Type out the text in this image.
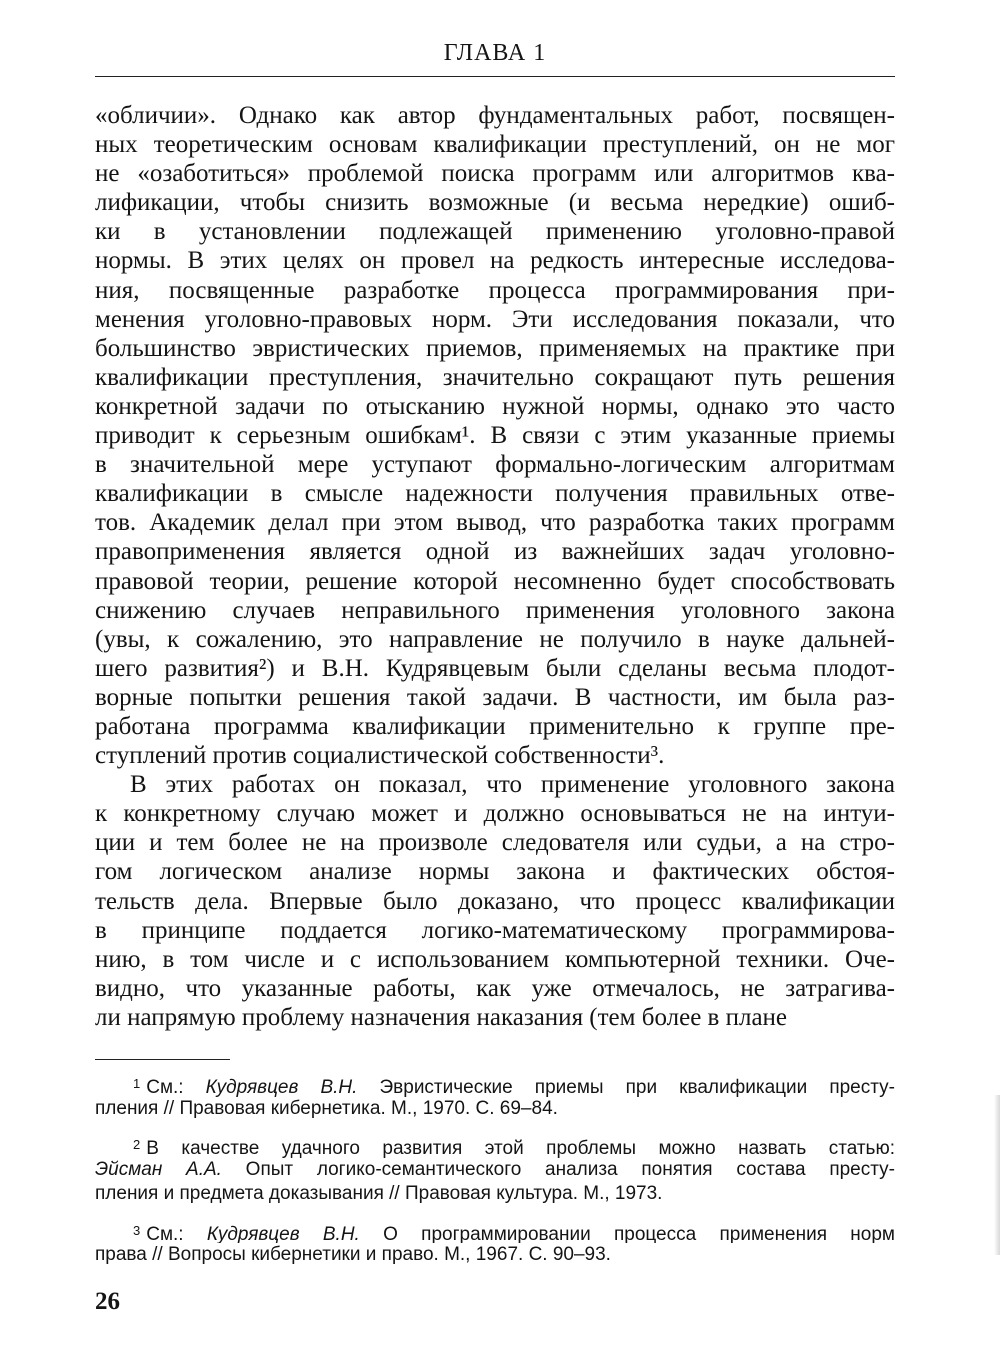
ГЛАВА 1
«обличии». Однако как автор фундаментальных работ, посвящен-
ных теоретическим основам квалификации преступлений, он не мог
не «озаботиться» проблемой поиска программ или алгоритмов ква-
лификации, чтобы снизить возможные (и весьма нередкие) ошиб-
ки в установлении подлежащей применению уголовно-правой
нормы. В этих целях он провел на редкость интересные исследова-
ния, посвященные разработке процесса программирования при-
менения уголовно-правовых норм. Эти исследования показали, что
большинство эвристических приемов, применяемых на практике при
квалификации преступления, значительно сокращают путь решения
конкретной задачи по отысканию нужной нормы, однако это часто
приводит к серьезным ошибкам¹. В связи с этим указанные приемы
в значительной мере уступают формально-логическим алгоритмам
квалификации в смысле надежности получения правильных отве-
тов. Академик делал при этом вывод, что разработка таких программ
правоприменения является одной из важнейших задач уголовно-
правовой теории, решение которой несомненно будет способствовать
снижению случаев неправильного применения уголовного закона
(увы, к сожалению, это направление не получило в науке дальней-
шего развития²) и В.Н. Кудрявцевым были сделаны весьма плодот-
ворные попытки решения такой задачи. В частности, им была раз-
работана программа квалификации применительно к группе пре-
ступлений против социалистической собственности³.
В этих работах он показал, что применение уголовного закона
к конкретному случаю может и должно основываться не на интуи-
ции и тем более не на произволе следователя или судьи, а на стро-
гом логическом анализе нормы закона и фактических обстоя-
тельств дела. Впервые было доказано, что процесс квалификации
в принципе поддается логико-математическому программирова-
нию, в том числе и с использованием компьютерной техники. Оче-
видно, что указанные работы, как уже отмечалось, не затрагива-
ли напрямую проблему назначения наказания (тем более в плане
$^1$ См.: Кудрявцев В.Н. Эвристические приемы при квалификации престу-
пления // Правовая кибернетика. М., 1970. С. 69–84.
$^2$ В качестве удачного развития этой проблемы можно назвать статью:
Эйсман А.А. Опыт логико-семантического анализа понятия состава престу-
пления и предмета доказывания // Правовая культура. М., 1973.
$^3$ См.: Кудрявцев В.Н. О программировании процесса применения норм
права // Вопросы кибернетики и право. М., 1967. С. 90–93.
26
